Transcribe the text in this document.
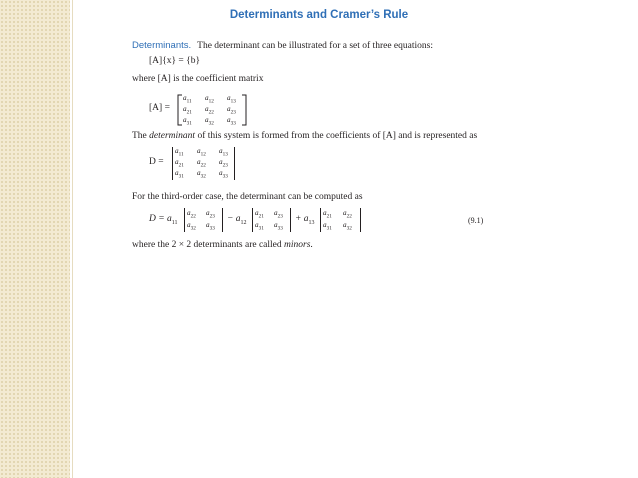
Determinants and Cramer’s Rule
Determinants. The determinant can be illustrated for a set of three equations:
[A]{x} = {b}
where [A] is the coefficient matrix
[A] =
$a_{11}$ $a_{12}$ $a_{13}$
$a_{21}$ $a_{22}$ $a_{23}$
$a_{31}$ $a_{32}$ $a_{33}$
The determinant of this system is formed from the coefficients of [A] and is represented as
D =
$a_{11}$ $a_{12}$ $a_{13}$
$a_{21}$ $a_{22}$ $a_{23}$
$a_{31}$ $a_{32}$ $a_{33}$
For the third-order case, the determinant can be computed as
$D = a_{11}$
$a_{22}$ $a_{23}$
$a_{32}$ $a_{33}$
− $a_{12}$
$a_{21}$ $a_{23}$
$a_{31}$ $a_{33}$
+ $a_{13}$
$a_{21}$ $a_{22}$
$a_{31}$ $a_{32}$
(9.1)
where the 2 × 2 determinants are called minors.
